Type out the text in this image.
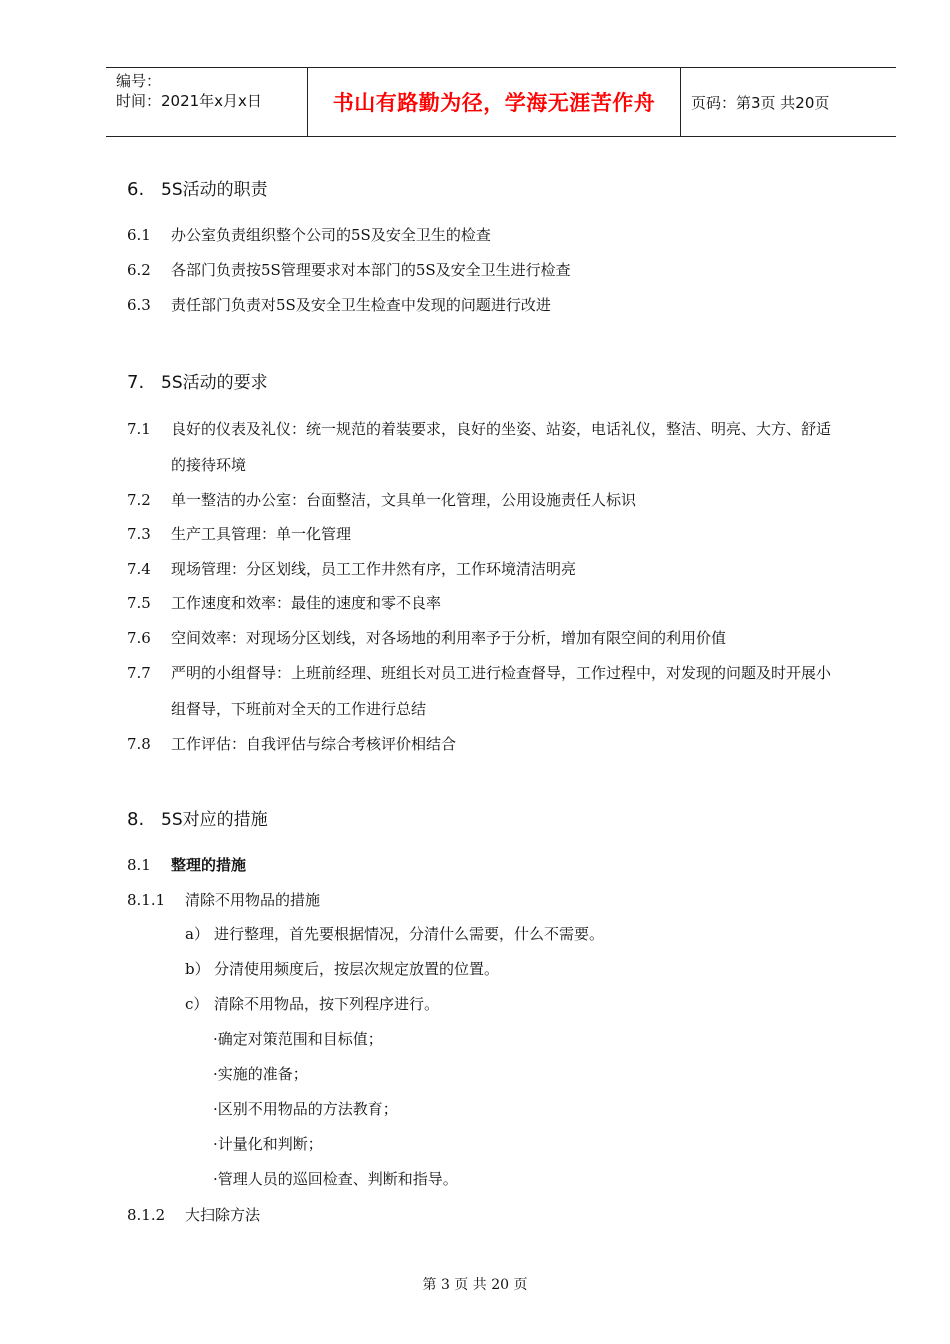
编号：
时间：2021年x月x日	书山有路勤为径，学海无涯苦作舟	页码：第3页 共20页
6. 5S活动的职责
6.1 办公室负责组织整个公司的5S及安全卫生的检查
6.2 各部门负责按5S管理要求对本部门的5S及安全卫生进行检查
6.3 责任部门负责对5S及安全卫生检查中发现的问题进行改进
7. 5S活动的要求
7.1 良好的仪表及礼仪：统一规范的着装要求，良好的坐姿、站姿，电话礼仪，整洁、明亮、大方、舒适
的接待环境
7.2 单一整洁的办公室：台面整洁，文具单一化管理，公用设施责任人标识
7.3 生产工具管理：单一化管理
7.4 现场管理：分区划线，员工工作井然有序，工作环境清洁明亮
7.5 工作速度和效率：最佳的速度和零不良率
7.6 空间效率：对现场分区划线，对各场地的利用率予于分析，增加有限空间的利用价值
7.7 严明的小组督导：上班前经理、班组长对员工进行检查督导，工作过程中，对发现的问题及时开展小
组督导，下班前对全天的工作进行总结
7.8 工作评估：自我评估与综合考核评价相结合
8. 5S对应的措施
8.1 整理的措施
8.1.1 清除不用物品的措施
a） 进行整理，首先要根据情况，分清什么需要，什么不需要。
b） 分清使用频度后，按层次规定放置的位置。
c） 清除不用物品，按下列程序进行。
·确定对策范围和目标值；
·实施的准备；
·区别不用物品的方法教育；
·计量化和判断；
·管理人员的巡回检查、判断和指导。
8.1.2 大扫除方法
第 3 页 共 20 页
